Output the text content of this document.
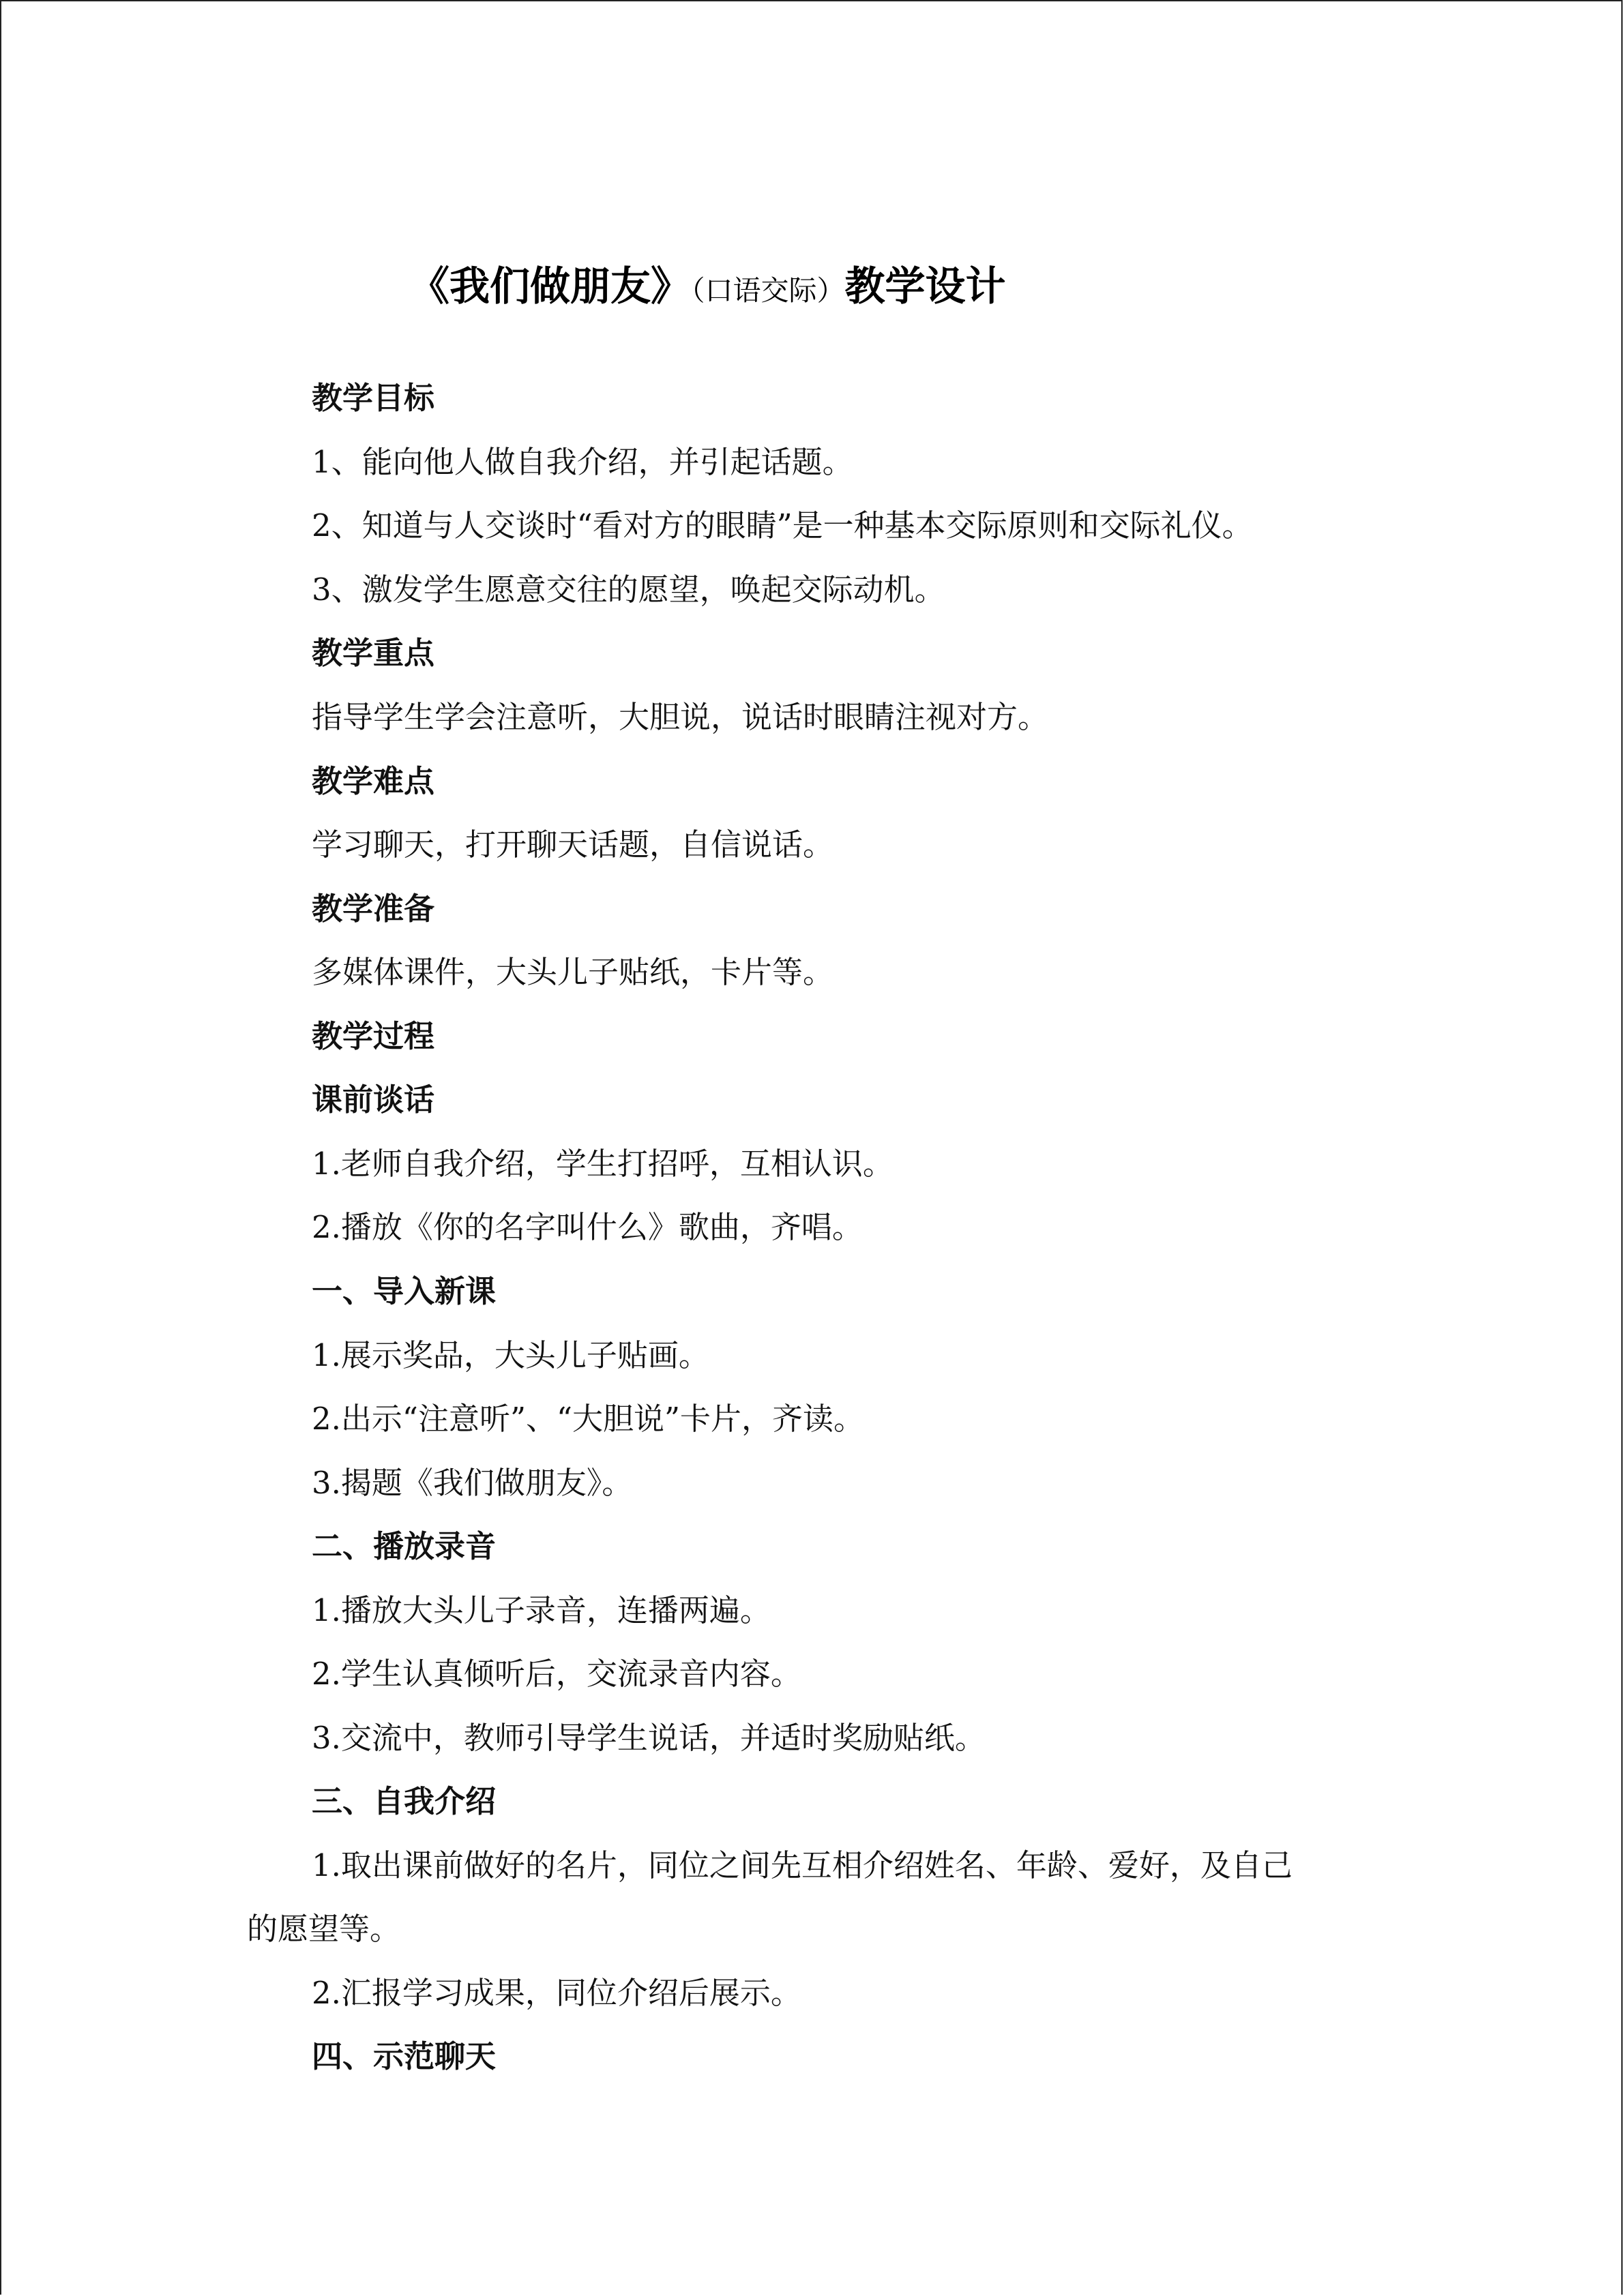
《我们做朋友》（口语交际）教学设计
教学目标
1、能向他人做自我介绍，并引起话题。
2、知道与人交谈时“看对方的眼睛”是一种基本交际原则和交际礼仪。
3、激发学生愿意交往的愿望，唤起交际动机。
教学重点
指导学生学会注意听，大胆说，说话时眼睛注视对方。
教学难点
学习聊天，打开聊天话题，自信说话。
教学准备
多媒体课件，大头儿子贴纸，卡片等。
教学过程
课前谈话
1.老师自我介绍，学生打招呼，互相认识。
2.播放《你的名字叫什么》歌曲，齐唱。
一、导入新课
1.展示奖品，大头儿子贴画。
2.出示“注意听”、“大胆说”卡片，齐读。
3.揭题《我们做朋友》。
二、播放录音
1.播放大头儿子录音，连播两遍。
2.学生认真倾听后，交流录音内容。
3.交流中，教师引导学生说话，并适时奖励贴纸。
三、自我介绍
1.取出课前做好的名片，同位之间先互相介绍姓名、年龄、爱好，及自己
的愿望等。
2.汇报学习成果，同位介绍后展示。
四、示范聊天
